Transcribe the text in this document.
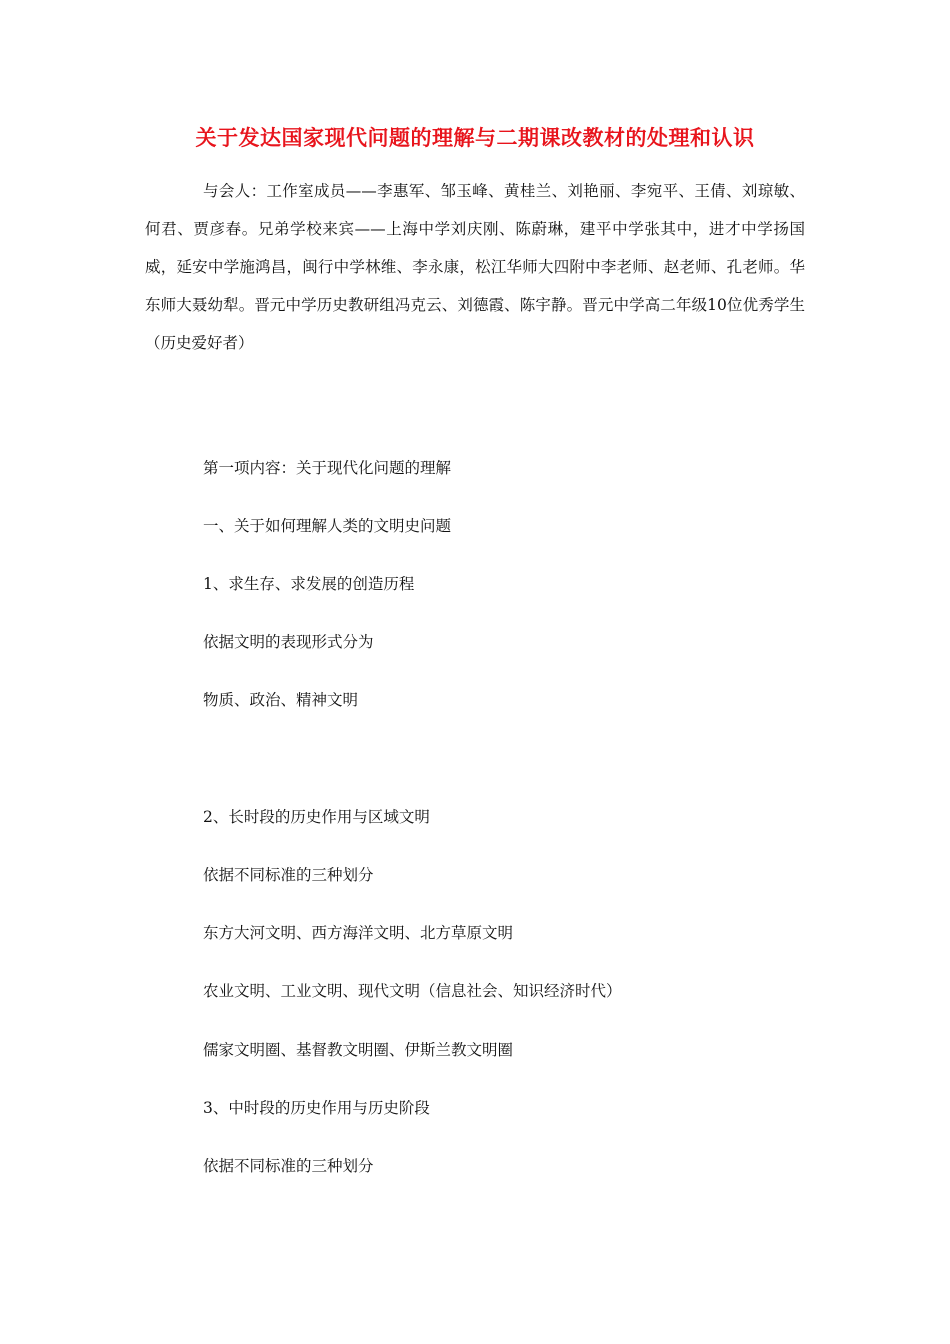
关于发达国家现代问题的理解与二期课改教材的处理和认识
与会人：工作室成员——李惠军、邹玉峰、黄桂兰、刘艳丽、李宛平、王倩、刘琼敏、何君、贾彦春。兄弟学校来宾——上海中学刘庆刚、陈蔚琳，建平中学张其中，进才中学扬国威，延安中学施鸿昌，闽行中学林维、李永康，松江华师大四附中李老师、赵老师、孔老师。华东师大聂幼犁。晋元中学历史教研组冯克云、刘德霞、陈宇静。晋元中学高二年级10位优秀学生（历史爱好者）
第一项内容：关于现代化问题的理解
一、关于如何理解人类的文明史问题
1、求生存、求发展的创造历程
依据文明的表现形式分为
物质、政治、精神文明
2、长时段的历史作用与区域文明
依据不同标准的三种划分
东方大河文明、西方海洋文明、北方草原文明
农业文明、工业文明、现代文明（信息社会、知识经济时代）
儒家文明圈、基督教文明圈、伊斯兰教文明圈
3、中时段的历史作用与历史阶段
依据不同标准的三种划分
